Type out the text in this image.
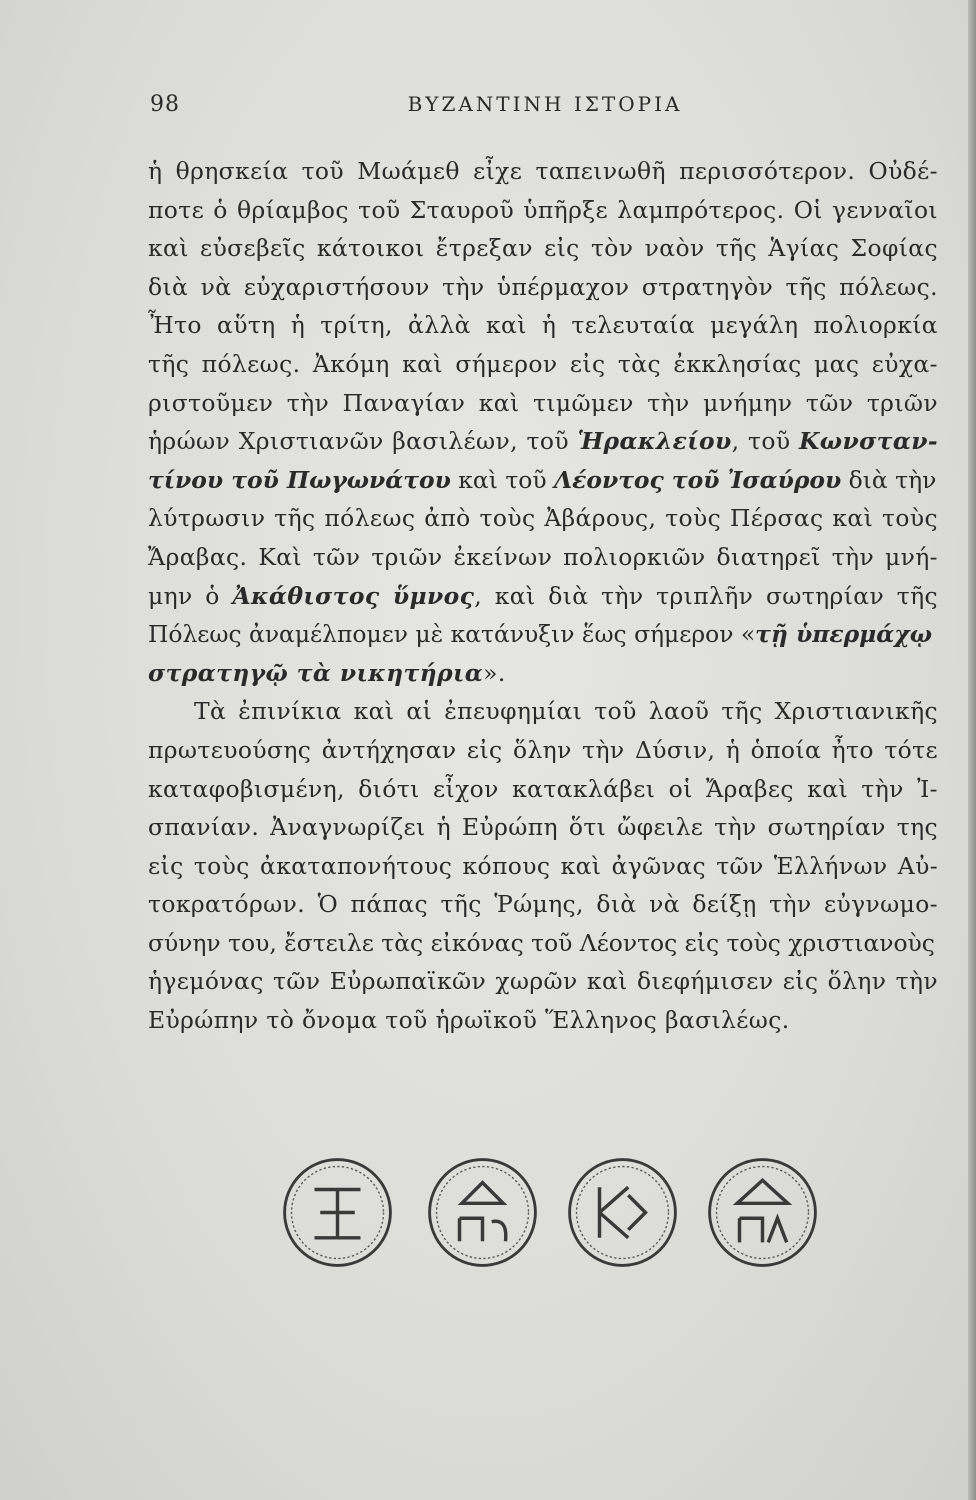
98	ΒΥΖΑΝΤΙΝΗ ΙΣΤΟΡΙΑ
ἡ θρησκεία τοῦ Μωάμεθ εἶχε ταπεινωθῆ περισσότερον. Οὐδέ-
ποτε ὁ θρίαμβος τοῦ Σταυροῦ ὑπῆρξε λαμπρότερος. Οἱ γενναῖοι
καὶ εὐσεβεῖς κάτοικοι ἔτρεξαν εἰς τὸν ναὸν τῆς Ἁγίας Σοφίας
διὰ νὰ εὐχαριστήσουν τὴν ὑπέρμαχον στρατηγὸν τῆς πόλεως.
Ἦτο αὕτη ἡ τρίτη, ἀλλὰ καὶ ἡ τελευταία μεγάλη πολιορκία
τῆς πόλεως. Ἀκόμη καὶ σήμερον εἰς τὰς ἐκκλησίας μας εὐχα-
ριστοῦμεν τὴν Παναγίαν καὶ τιμῶμεν τὴν μνήμην τῶν τριῶν
ἡρώων Χριστιανῶν βασιλέων, τοῦ Ἡρακλείου, τοῦ Κωνσταν-
τίνου τοῦ Πωγωνάτου καὶ τοῦ Λέοντος τοῦ Ἰσαύρου διὰ τὴν
λύτρωσιν τῆς πόλεως ἀπὸ τοὺς Ἀβάρους, τοὺς Πέρσας καὶ τοὺς
Ἄραβας. Καὶ τῶν τριῶν ἐκείνων πολιορκιῶν διατηρεῖ τὴν μνή-
μην ὁ Ἀκάθιστος ὕμνος, καὶ διὰ τὴν τριπλῆν σωτηρίαν τῆς
Πόλεως ἀναμέλπομεν μὲ κατάνυξιν ἕως σήμερον «τῇ ὑπερμάχῳ
στρατηγῷ τὰ νικητήρια».
Τὰ ἐπινίκια καὶ αἱ ἐπευφημίαι τοῦ λαοῦ τῆς Χριστιανικῆς
πρωτευούσης ἀντήχησαν εἰς ὅλην τὴν Δύσιν, ἡ ὁποία ἦτο τότε
καταφοβισμένη, διότι εἶχον κατακλάβει οἱ Ἄραβες καὶ τὴν Ἰ-
σπανίαν. Ἀναγνωρίζει ἡ Εὐρώπη ὅτι ὤφειλε τὴν σωτηρίαν της
εἰς τοὺς ἀκαταπονήτους κόπους καὶ ἀγῶνας τῶν Ἑλλήνων Αὐ-
τοκρατόρων. Ὁ πάπας τῆς Ῥώμης, διὰ νὰ δείξῃ τὴν εὐγνωμο-
σύνην του, ἔστειλε τὰς εἰκόνας τοῦ Λέοντος εἰς τοὺς χριστιανοὺς
ἡγεμόνας τῶν Εὐρωπαϊκῶν χωρῶν καὶ διεφήμισεν εἰς ὅλην τὴν
Εὐρώπην τὸ ὄνομα τοῦ ἡρωϊκοῦ Ἕλληνος βασιλέως.
